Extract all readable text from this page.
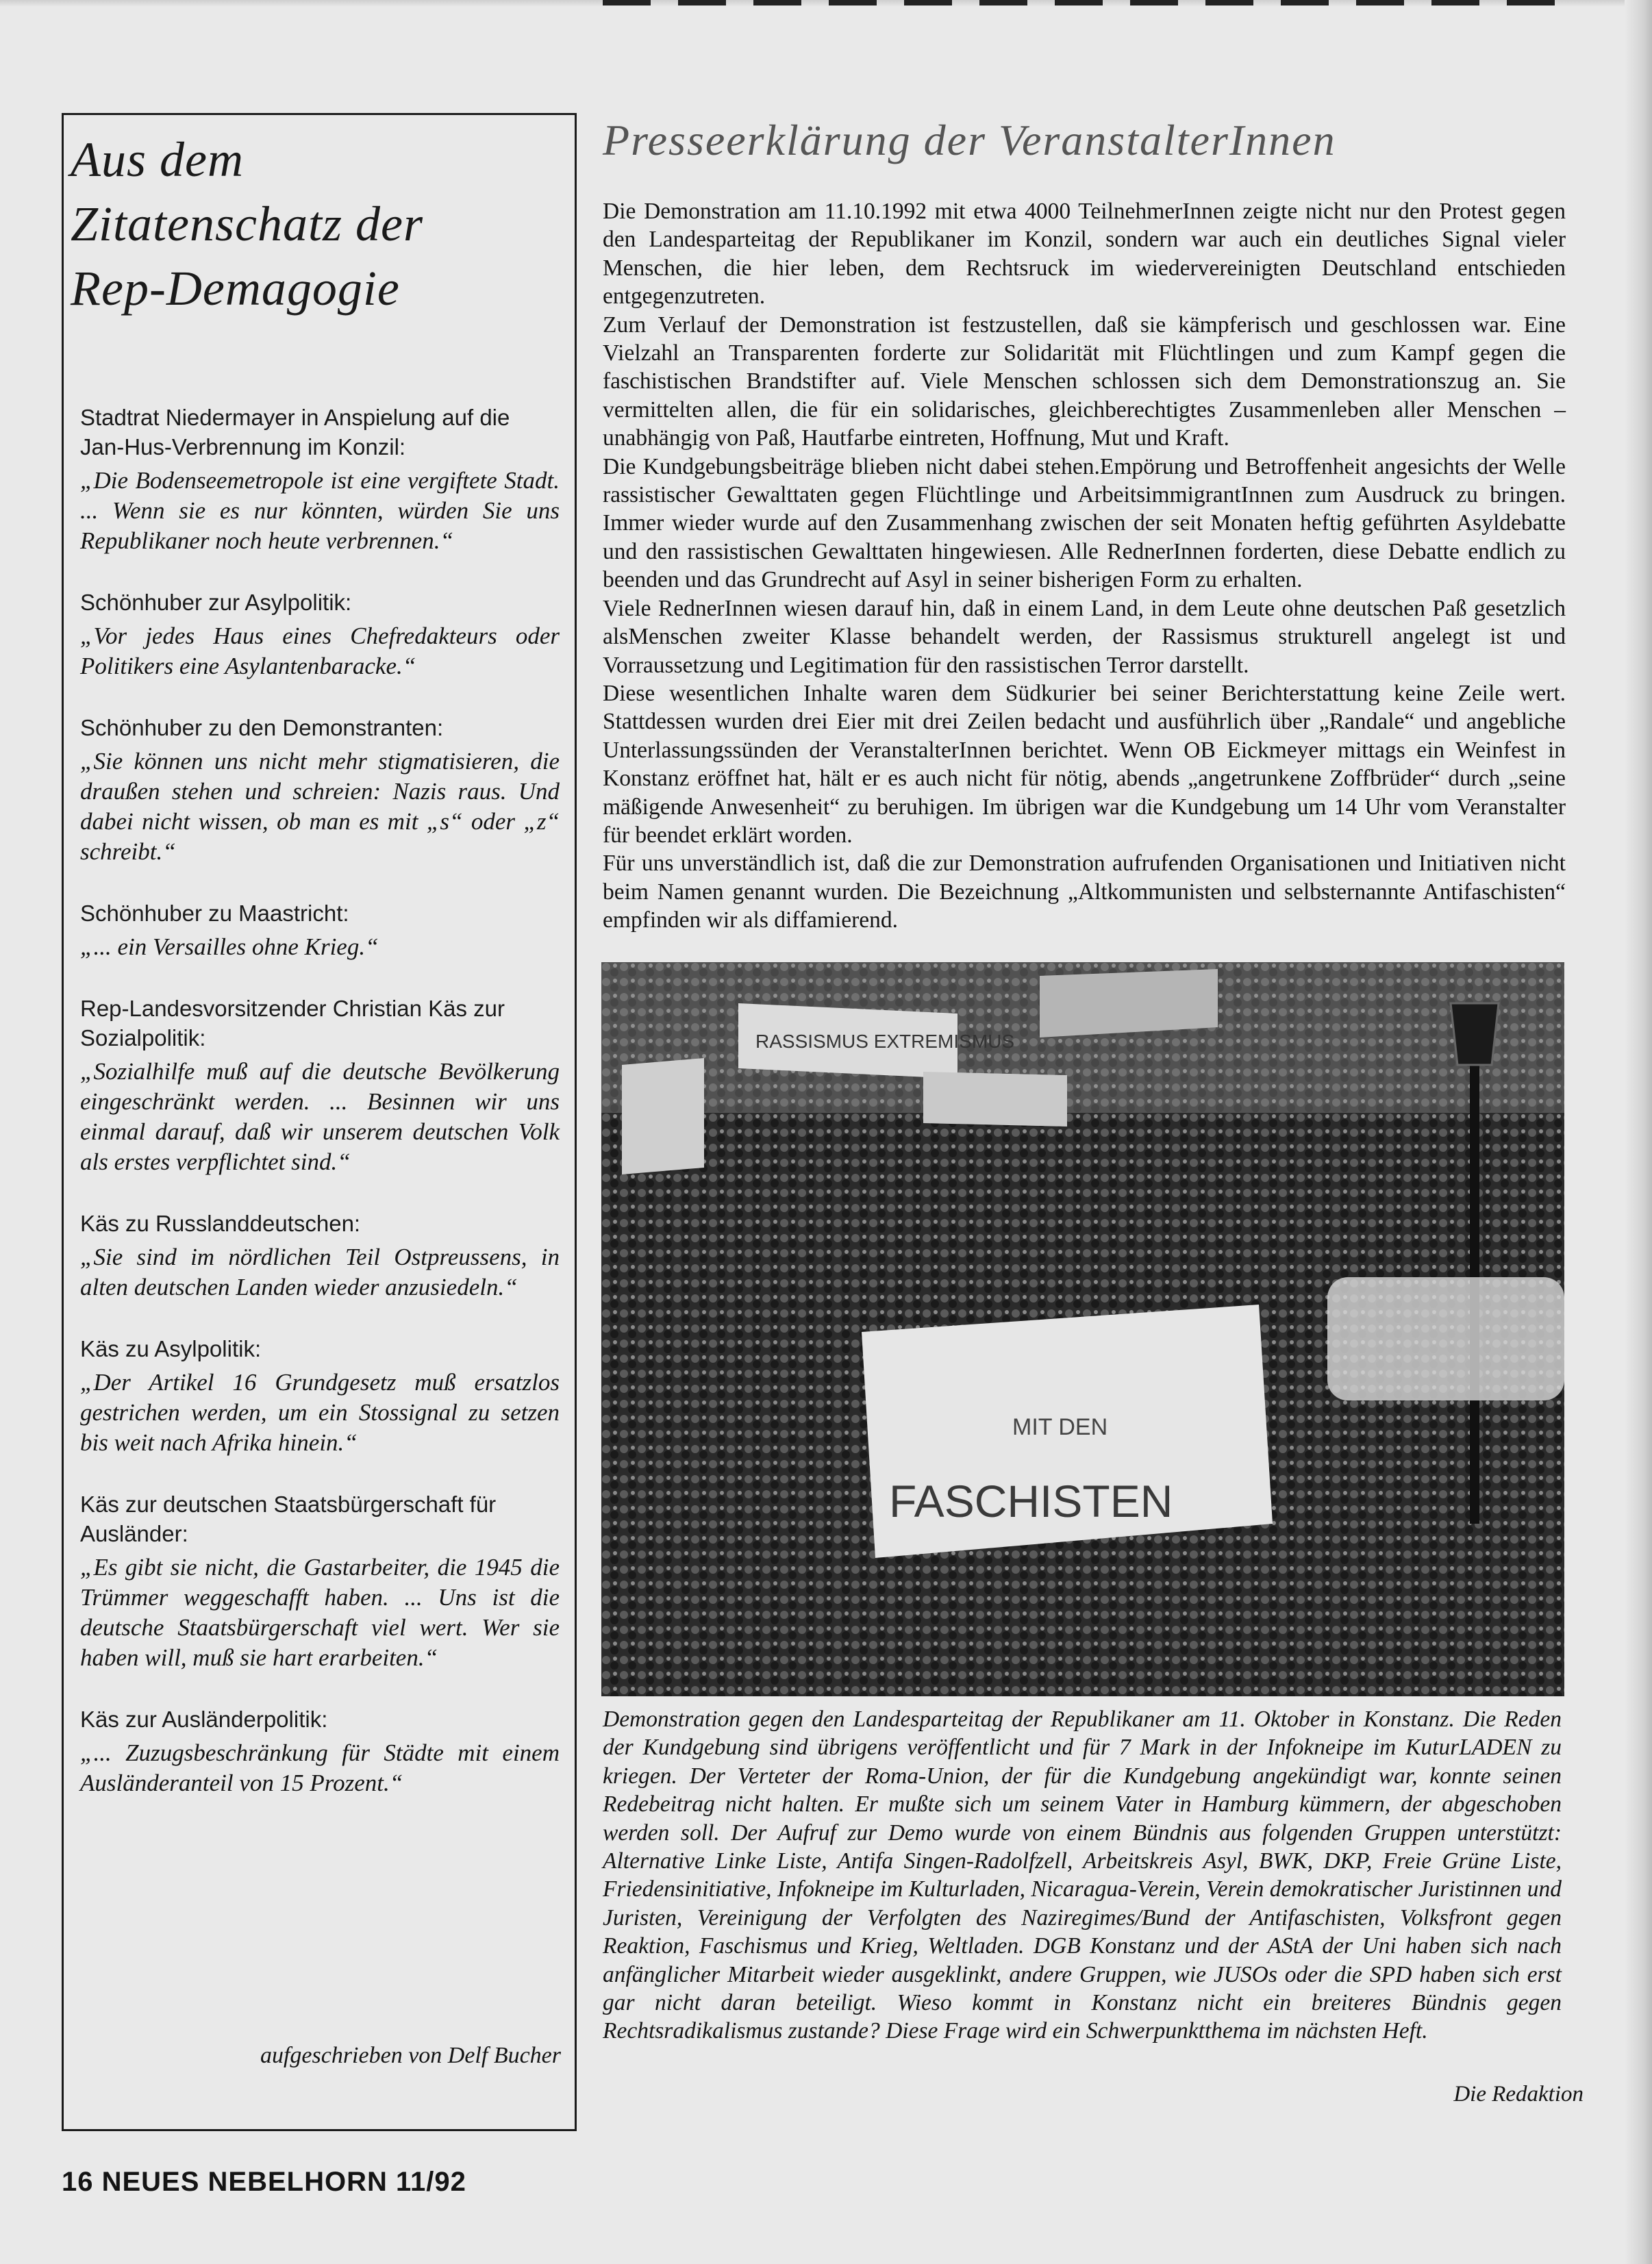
Aus dem
Zitatenschatz der
Rep-Demagogie

Stadtrat Niedermayer in Anspielung auf die Jan-Hus-Verbrennung im Konzil:

„Die Bodenseemetropole ist eine vergiftete Stadt. ... Wenn sie es nur könnten, würden Sie uns Republikaner noch heute verbrennen.“

Schönhuber zur Asylpolitik:

„Vor jedes Haus eines Chefredakteurs oder Politikers eine Asylantenbaracke.“

Schönhuber zu den Demonstranten:

„Sie können uns nicht mehr stigmatisieren, die draußen stehen und schreien: Nazis raus. Und dabei nicht wissen, ob man es mit „s“ oder „z“ schreibt.“

Schönhuber zu Maastricht:

„... ein Versailles ohne Krieg.“

Rep-Landesvorsitzender Christian Käs zur Sozialpolitik:

„Sozialhilfe muß auf die deutsche Bevölkerung eingeschränkt werden. ... Besinnen wir uns einmal darauf, daß wir unserem deutschen Volk als erstes verpflichtet sind.“

Käs zu Russlanddeutschen:

„Sie sind im nördlichen Teil Ostpreussens, in alten deutschen Landen wieder anzusiedeln.“

Käs zu Asylpolitik:

„Der Artikel 16 Grundgesetz muß ersatzlos gestrichen werden, um ein Stossignal zu setzen bis weit nach Afrika hinein.“

Käs zur deutschen Staatsbürgerschaft für Ausländer:

„Es gibt sie nicht, die Gastarbeiter, die 1945 die Trümmer weggeschafft haben. ... Uns ist die deutsche Staatsbürgerschaft viel wert. Wer sie haben will, muß sie hart erarbeiten.“

Käs zur Ausländerpolitik:

„... Zuzugsbeschränkung für Städte mit einem Ausländeranteil von 15 Prozent.“

aufgeschrieben von Delf Bucher
Presseerklärung der VeranstalterInnen

Die Demonstration am 11.10.1992 mit etwa 4000 TeilnehmerInnen zeigte nicht nur den Protest gegen den Landesparteitag der Republikaner im Konzil, sondern war auch ein deutliches Signal vieler Menschen, die hier leben, dem Rechtsruck im wiedervereinigten Deutschland entschieden entgegenzutreten.

Zum Verlauf der Demonstration ist festzustellen, daß sie kämpferisch und geschlossen war. Eine Vielzahl an Transparenten forderte zur Solidarität mit Flüchtlingen und zum Kampf gegen die faschistischen Brandstifter auf. Viele Menschen schlossen sich dem Demonstrationszug an. Sie vermittelten allen, die für ein solidarisches, gleichberechtigtes Zusammenleben aller Menschen – unabhängig von Paß, Hautfarbe eintreten, Hoffnung, Mut und Kraft.

Die Kundgebungsbeiträge blieben nicht dabei stehen.Empörung und Betroffenheit angesichts der Welle rassistischer Gewalttaten gegen Flüchtlinge und ArbeitsimmigrantInnen zum Ausdruck zu bringen. Immer wieder wurde auf den Zusammenhang zwischen der seit Monaten heftig geführten Asyldebatte und den rassistischen Gewalttaten hingewiesen. Alle RednerInnen forderten, diese Debatte endlich zu beenden und das Grundrecht auf Asyl in seiner bisherigen Form zu erhalten.

Viele RednerInnen wiesen darauf hin, daß in einem Land, in dem Leute ohne deutschen Paß gesetzlich alsMenschen zweiter Klasse behandelt werden, der Rassismus strukturell angelegt ist und Vorraussetzung und Legitimation für den rassistischen Terror darstellt.

Diese wesentlichen Inhalte waren dem Südkurier bei seiner Berichterstattung keine Zeile wert. Stattdessen wurden drei Eier mit drei Zeilen bedacht und ausführlich über „Randale“ und angebliche Unterlassungssünden der VeranstalterInnen berichtet. Wenn OB Eickmeyer mittags ein Weinfest in Konstanz eröffnet hat, hält er es auch nicht für nötig, abends „angetrunkene Zoffbrüder“ durch „seine mäßigende Anwesenheit“ zu beruhigen. Im übrigen war die Kundgebung um 14 Uhr vom Veranstalter für beendet erklärt worden.

Für uns unverständlich ist, daß die zur Demonstration aufrufenden Organisationen und Initiativen nicht beim Namen genannt wurden. Die Bezeichnung „Altkommunisten und selbsternannte Antifaschisten“ empfinden wir als diffamierend.

RASSISMUS EXTREMISMUS
MIT DEN
FASCHISTEN
Demonstration gegen den Landesparteitag der Republikaner am 11. Oktober in Konstanz. Die Reden der Kundgebung sind übrigens veröffentlicht und für 7 Mark in der Infokneipe im KuturLADEN zu kriegen. Der Verteter der Roma-Union, der für die Kundgebung angekündigt war, konnte seinen Redebeitrag nicht halten. Er mußte sich um seinem Vater in Hamburg kümmern, der abgeschoben werden soll. Der Aufruf zur Demo wurde von einem Bündnis aus folgenden Gruppen unterstützt: Alternative Linke Liste, Antifa Singen-Radolfzell, Arbeitskreis Asyl, BWK, DKP, Freie Grüne Liste, Friedensinitiative, Infokneipe im Kulturladen, Nicaragua-Verein, Verein demokratischer Juristinnen und Juristen, Vereinigung der Verfolgten des Naziregimes/Bund der Antifaschisten, Volksfront gegen Reaktion, Faschismus und Krieg, Weltladen. DGB Konstanz und der AStA der Uni haben sich nach anfänglicher Mitarbeit wieder ausgeklinkt, andere Gruppen, wie JUSOs oder die SPD haben sich erst gar nicht daran beteiligt. Wieso kommt in Konstanz nicht ein breiteres Bündnis gegen Rechtsradikalismus zustande? Diese Frage wird ein Schwerpunktthema im nächsten Heft.
Die Redaktion
16 NEUES NEBELHORN 11/92
